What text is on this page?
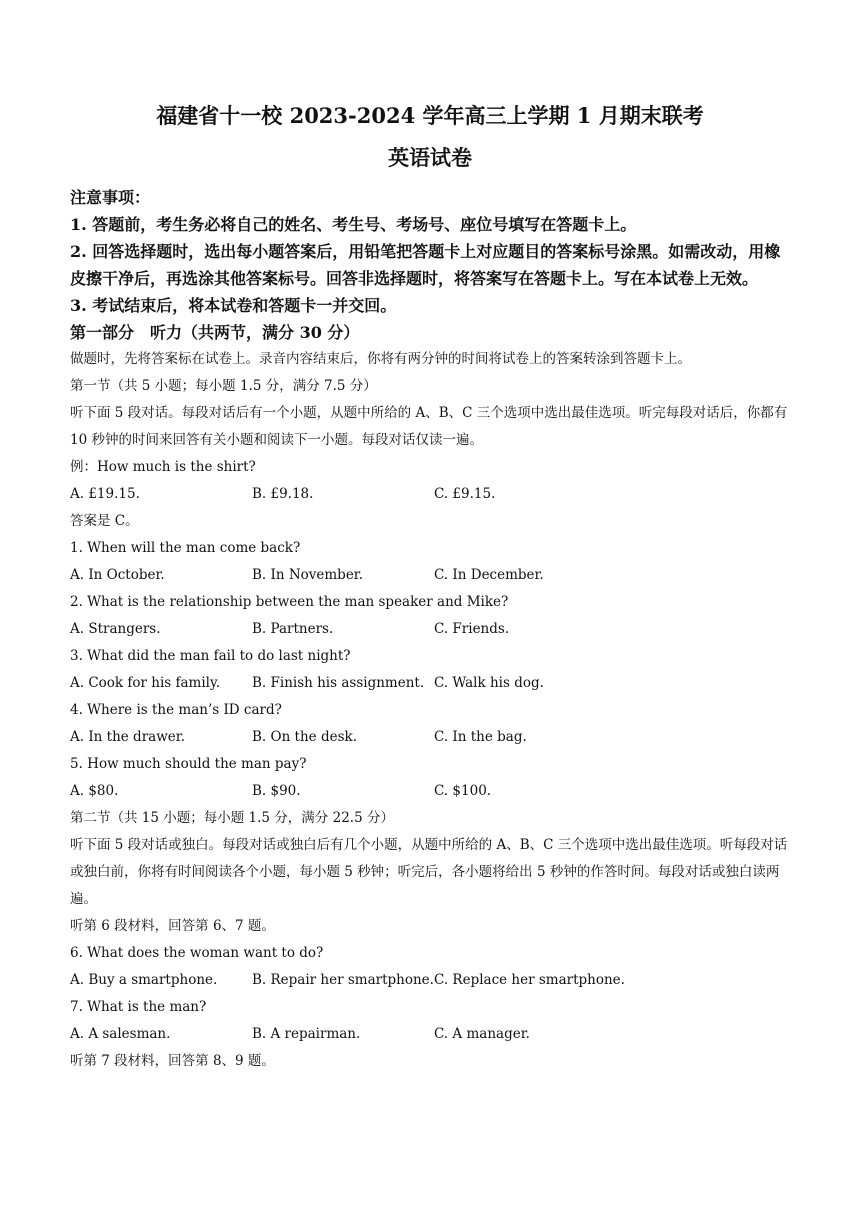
福建省十一校 2023-2024 学年高三上学期 1 月期末联考
英语试卷

注意事项：

1. 答题前，考生务必将自己的姓名、考生号、考场号、座位号填写在答题卡上。

2. 回答选择题时，选出每小题答案后，用铅笔把答题卡上对应题目的答案标号涂黑。如需改动，用橡皮擦干净后，再选涂其他答案标号。回答非选择题时，将答案写在答题卡上。写在本试卷上无效。

3. 考试结束后，将本试卷和答题卡一并交回。

第一部分　听力（共两节，满分 30 分）

做题时，先将答案标在试卷上。录音内容结束后，你将有两分钟的时间将试卷上的答案转涂到答题卡上。

第一节（共 5 小题；每小题 1.5 分，满分 7.5 分）

听下面 5 段对话。每段对话后有一个小题，从题中所给的 A、B、C 三个选项中选出最佳选项。听完每段对话后，你都有 10 秒钟的时间来回答有关小题和阅读下一小题。每段对话仅读一遍。

例：How much is the shirt?

A. £19.15.	B. £9.18.	C. £9.15.

答案是 C。

1. When will the man come back?

A. In October.	B. In November.	C. In December.

2. What is the relationship between the man speaker and Mike?

A. Strangers.	B. Partners.	C. Friends.

3. What did the man fail to do last night?

A. Cook for his family.	B. Finish his assignment. C. Walk his dog.

4. Where is the man’s ID card?

A. In the drawer.	B. On the desk.	C. In the bag.

5. How much should the man pay?

A. $80.	B. $90.	C. $100.

第二节（共 15 小题；每小题 1.5 分，满分 22.5 分）

听下面 5 段对话或独白。每段对话或独白后有几个小题，从题中所给的 A、B、C 三个选项中选出最佳选项。听每段对话或独白前，你将有时间阅读各个小题，每小题 5 秒钟；听完后，各小题将给出 5 秒钟的作答时间。每段对话或独白读两遍。

听第 6 段材料，回答第 6、7 题。

6. What does the woman want to do?

A. Buy a smartphone.	B. Repair her smartphone. C. Replace her smartphone.

7. What is the man?

A. A salesman.	B. A repairman.	C. A manager.

听第 7 段材料，回答第 8、9 题。
